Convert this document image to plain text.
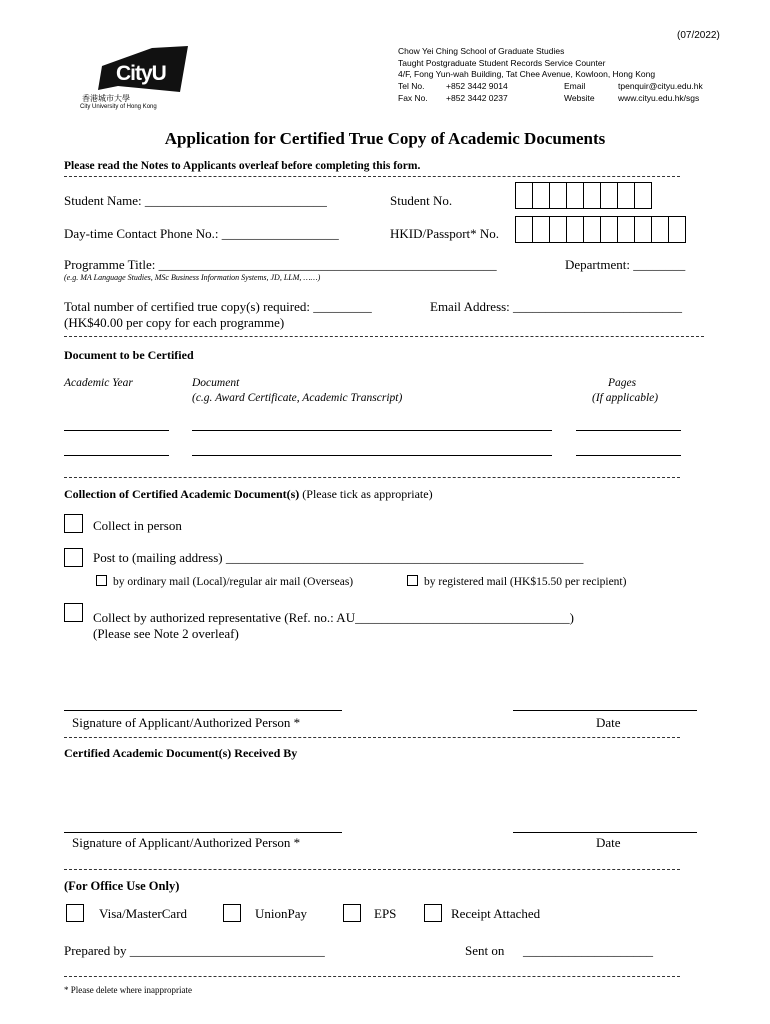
(07/2022)
CityU
香港城市大學
City University of Hong Kong
Chow Yei Ching School of Graduate Studies
Taught Postgraduate Student Records Service Counter
4/F, Fong Yun-wah Building, Tat Chee Avenue, Kowloon, Hong Kong
Tel No.	+852 3442 9014	Email	tpenquir@cityu.edu.hk
Fax No. +852 3442 0237	Website	www.cityu.edu.hk/sgs
Application for Certified True Copy of Academic Documents
Please read the Notes to Applicants overleaf before completing this form.
Student Name: ____________________________	Student No.
Day-time Contact Phone No.: __________________	HKID/Passport* No.
Programme Title: ____________________________________________________	Department: ________
(e.g. MA Language Studies, MSc Business Information Systems, JD, LLM, ……)
Total number of certified true copy(s) required: _________	Email Address: __________________________
(HK$40.00 per copy for each programme)
Document to be Certified
Academic Year	Document
(c.g. Award Certificate, Academic Transcript)
Pages
(If applicable)
Collection of Certified Academic Document(s) (Please tick as appropriate)
Collect in person
Post to (mailing address) _______________________________________________________
by ordinary mail (Local)/regular air mail (Overseas)	by registered mail (HK$15.50 per recipient)
Collect by authorized representative (Ref. no.: AU_________________________________)
(Please see Note 2 overleaf)
Signature of Applicant/Authorized Person *	Date
Certified Academic Document(s) Received By
Signature of Applicant/Authorized Person *	Date
(For Office Use Only)
Visa/MasterCard	UnionPay	EPS	Receipt Attached
Prepared by ______________________________	Sent on ____________________
* Please delete where inappropriate
